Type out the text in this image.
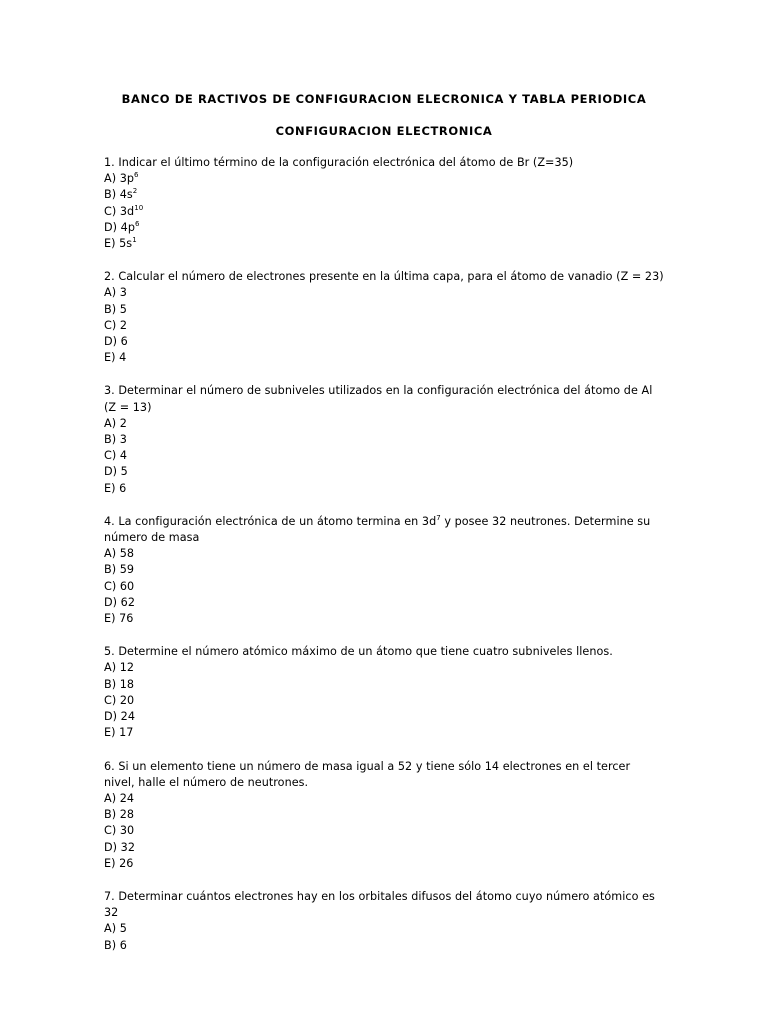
BANCO DE RACTIVOS DE CONFIGURACION ELECRONICA Y TABLA PERIODICA
CONFIGURACION ELECTRONICA
1. Indicar el último término de la configuración electrónica del átomo de Br (Z=35)
A) $3p^6$
B) $4s^2$
C) $3d^{10}$
D) $4p^6$
E) $5s^1$
2. Calcular el número de electrones presente en la última capa, para el átomo de vanadio (Z = 23)
A) 3
B) 5
C) 2
D) 6
E) 4
3. Determinar el número de subniveles utilizados en la configuración electrónica del átomo de Al (Z = 13)
A) 2
B) 3
C) 4
D) 5
E) 6
4. La configuración electrónica de un átomo termina en $3d^7$ y posee 32 neutrones. Determine su número de masa
A) 58
B) 59
C) 60
D) 62
E) 76
5. Determine el número atómico máximo de un átomo que tiene cuatro subniveles llenos.
A) 12
B) 18
C) 20
D) 24
E) 17
6. Si un elemento tiene un número de masa igual a 52 y tiene sólo 14 electrones en el tercer nivel, halle el número de neutrones.
A) 24
B) 28
C) 30
D) 32
E) 26
7. Determinar cuántos electrones hay en los orbitales difusos del átomo cuyo número atómico es 32
A) 5
B) 6
